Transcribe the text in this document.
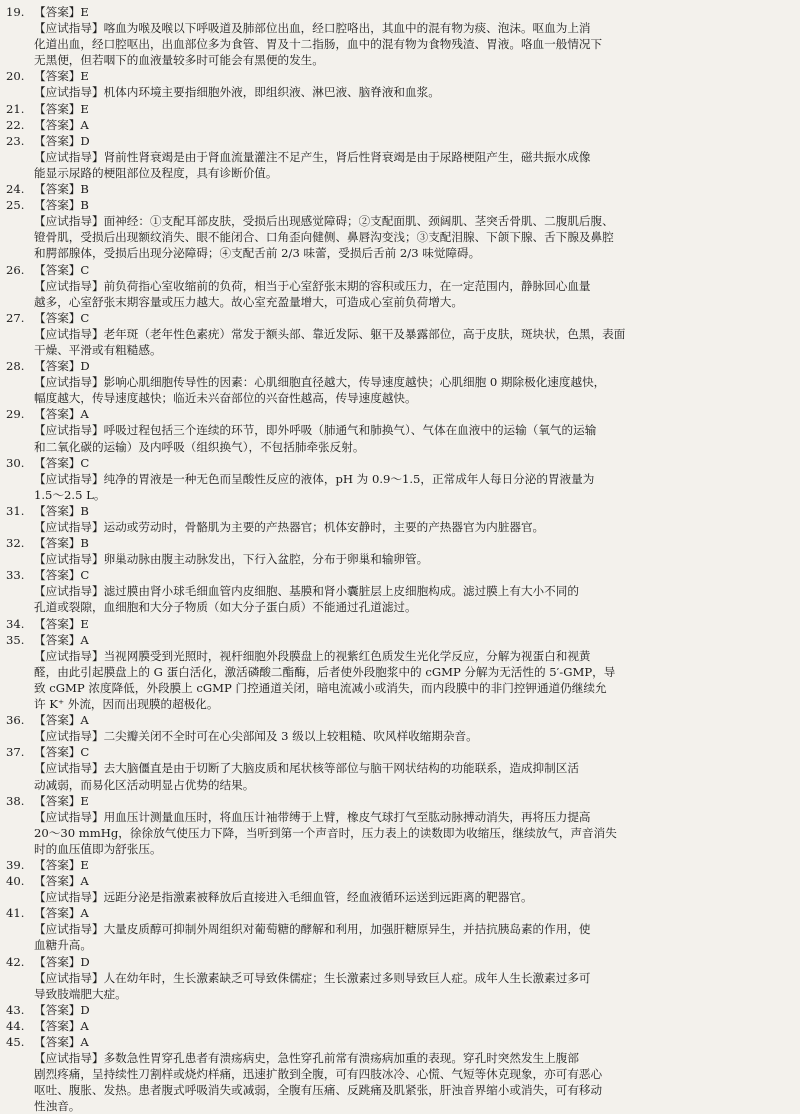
19. 【答案】E
【应试指导】喀血为喉及喉以下呼吸道及肺部位出血，经口腔咯出，其血中的混有物为痰、泡沫。呕血为上消
化道出血，经口腔呕出，出血部位多为食管、胃及十二指肠，血中的混有物为食物残渣、胃液。咯血一般情况下
无黑便，但若咽下的血液量较多时可能会有黑便的发生。
20. 【答案】E
【应试指导】机体内环境主要指细胞外液，即组织液、淋巴液、脑脊液和血浆。
21. 【答案】E
22. 【答案】A
23. 【答案】D
【应试指导】肾前性肾衰竭是由于肾血流量灌注不足产生，肾后性肾衰竭是由于尿路梗阻产生，磁共振水成像
能显示尿路的梗阻部位及程度，具有诊断价值。
24. 【答案】B
25. 【答案】B
【应试指导】面神经：①支配耳部皮肤，受损后出现感觉障碍；②支配面肌、颈阔肌、茎突舌骨肌、二腹肌后腹、
镫骨肌，受损后出现额纹消失、眼不能闭合、口角歪向健侧、鼻唇沟变浅；③支配泪腺、下颌下腺、舌下腺及鼻腔
和腭部腺体，受损后出现分泌障碍；④支配舌前 2/3 味蕾，受损后舌前 2/3 味觉障碍。
26. 【答案】C
【应试指导】前负荷指心室收缩前的负荷，相当于心室舒张末期的容积或压力，在一定范围内，静脉回心血量
越多，心室舒张末期容量或压力越大。故心室充盈量增大，可造成心室前负荷增大。
27. 【答案】C
【应试指导】老年斑（老年性色素疣）常发于额头部、靠近发际、躯干及暴露部位，高于皮肤，斑块状，色黑，表面
干燥、平滑或有粗糙感。
28. 【答案】D
【应试指导】影响心肌细胞传导性的因素：心肌细胞直径越大，传导速度越快；心肌细胞 0 期除极化速度越快，
幅度越大，传导速度越快；临近未兴奋部位的兴奋性越高，传导速度越快。
29. 【答案】A
【应试指导】呼吸过程包括三个连续的环节，即外呼吸（肺通气和肺换气）、气体在血液中的运输（氧气的运输
和二氧化碳的运输）及内呼吸（组织换气），不包括肺牵张反射。
30. 【答案】C
【应试指导】纯净的胃液是一种无色而呈酸性反应的液体，pH 为 0.9～1.5，正常成年人每日分泌的胃液量为
1.5～2.5 L。
31. 【答案】B
【应试指导】运动或劳动时，骨骼肌为主要的产热器官；机体安静时，主要的产热器官为内脏器官。
32. 【答案】B
【应试指导】卵巢动脉由腹主动脉发出，下行入盆腔，分布于卵巢和输卵管。
33. 【答案】C
【应试指导】滤过膜由肾小球毛细血管内皮细胞、基膜和肾小囊脏层上皮细胞构成。滤过膜上有大小不同的
孔道或裂隙，血细胞和大分子物质（如大分子蛋白质）不能通过孔道滤过。
34. 【答案】E
35. 【答案】A
【应试指导】当视网膜受到光照时，视杆细胞外段膜盘上的视紫红色质发生光化学反应，分解为视蛋白和视黄
醛，由此引起膜盘上的 G 蛋白活化，激活磷酸二酯酶，后者使外段胞浆中的 cGMP 分解为无活性的 5′-GMP，导
致 cGMP 浓度降低，外段膜上 cGMP 门控通道关闭，暗电流减小或消失，而内段膜中的非门控钾通道仍继续允
许 K⁺ 外流，因而出现膜的超极化。
36. 【答案】A
【应试指导】二尖瓣关闭不全时可在心尖部闻及 3 级以上较粗糙、吹风样收缩期杂音。
37. 【答案】C
【应试指导】去大脑僵直是由于切断了大脑皮质和尾状核等部位与脑干网状结构的功能联系，造成抑制区活
动减弱，而易化区活动明显占优势的结果。
38. 【答案】E
【应试指导】用血压计测量血压时，将血压计袖带缚于上臂，橡皮气球打气至肱动脉搏动消失，再将压力提高
20～30 mmHg，徐徐放气使压力下降，当听到第一个声音时，压力表上的读数即为收缩压，继续放气，声音消失
时的血压值即为舒张压。
39. 【答案】E
40. 【答案】A
【应试指导】远距分泌是指激素被释放后直接进入毛细血管，经血液循环运送到远距离的靶器官。
41. 【答案】A
【应试指导】大量皮质醇可抑制外周组织对葡萄糖的酵解和利用，加强肝糖原异生，并拮抗胰岛素的作用，使
血糖升高。
42. 【答案】D
【应试指导】人在幼年时，生长激素缺乏可导致侏儒症；生长激素过多则导致巨人症。成年人生长激素过多可
导致肢端肥大症。
43. 【答案】D
44. 【答案】A
45. 【答案】A
【应试指导】多数急性胃穿孔患者有溃疡病史，急性穿孔前常有溃疡病加重的表现。穿孔时突然发生上腹部
剧烈疼痛，呈持续性刀割样或烧灼样痛，迅速扩散到全腹，可有四肢冰冷、心慌、气短等休克现象，亦可有恶心
呕吐、腹胀、发热。患者腹式呼吸消失或减弱，全腹有压痛、反跳痛及肌紧张，肝浊音界缩小或消失，可有移动
性浊音。
